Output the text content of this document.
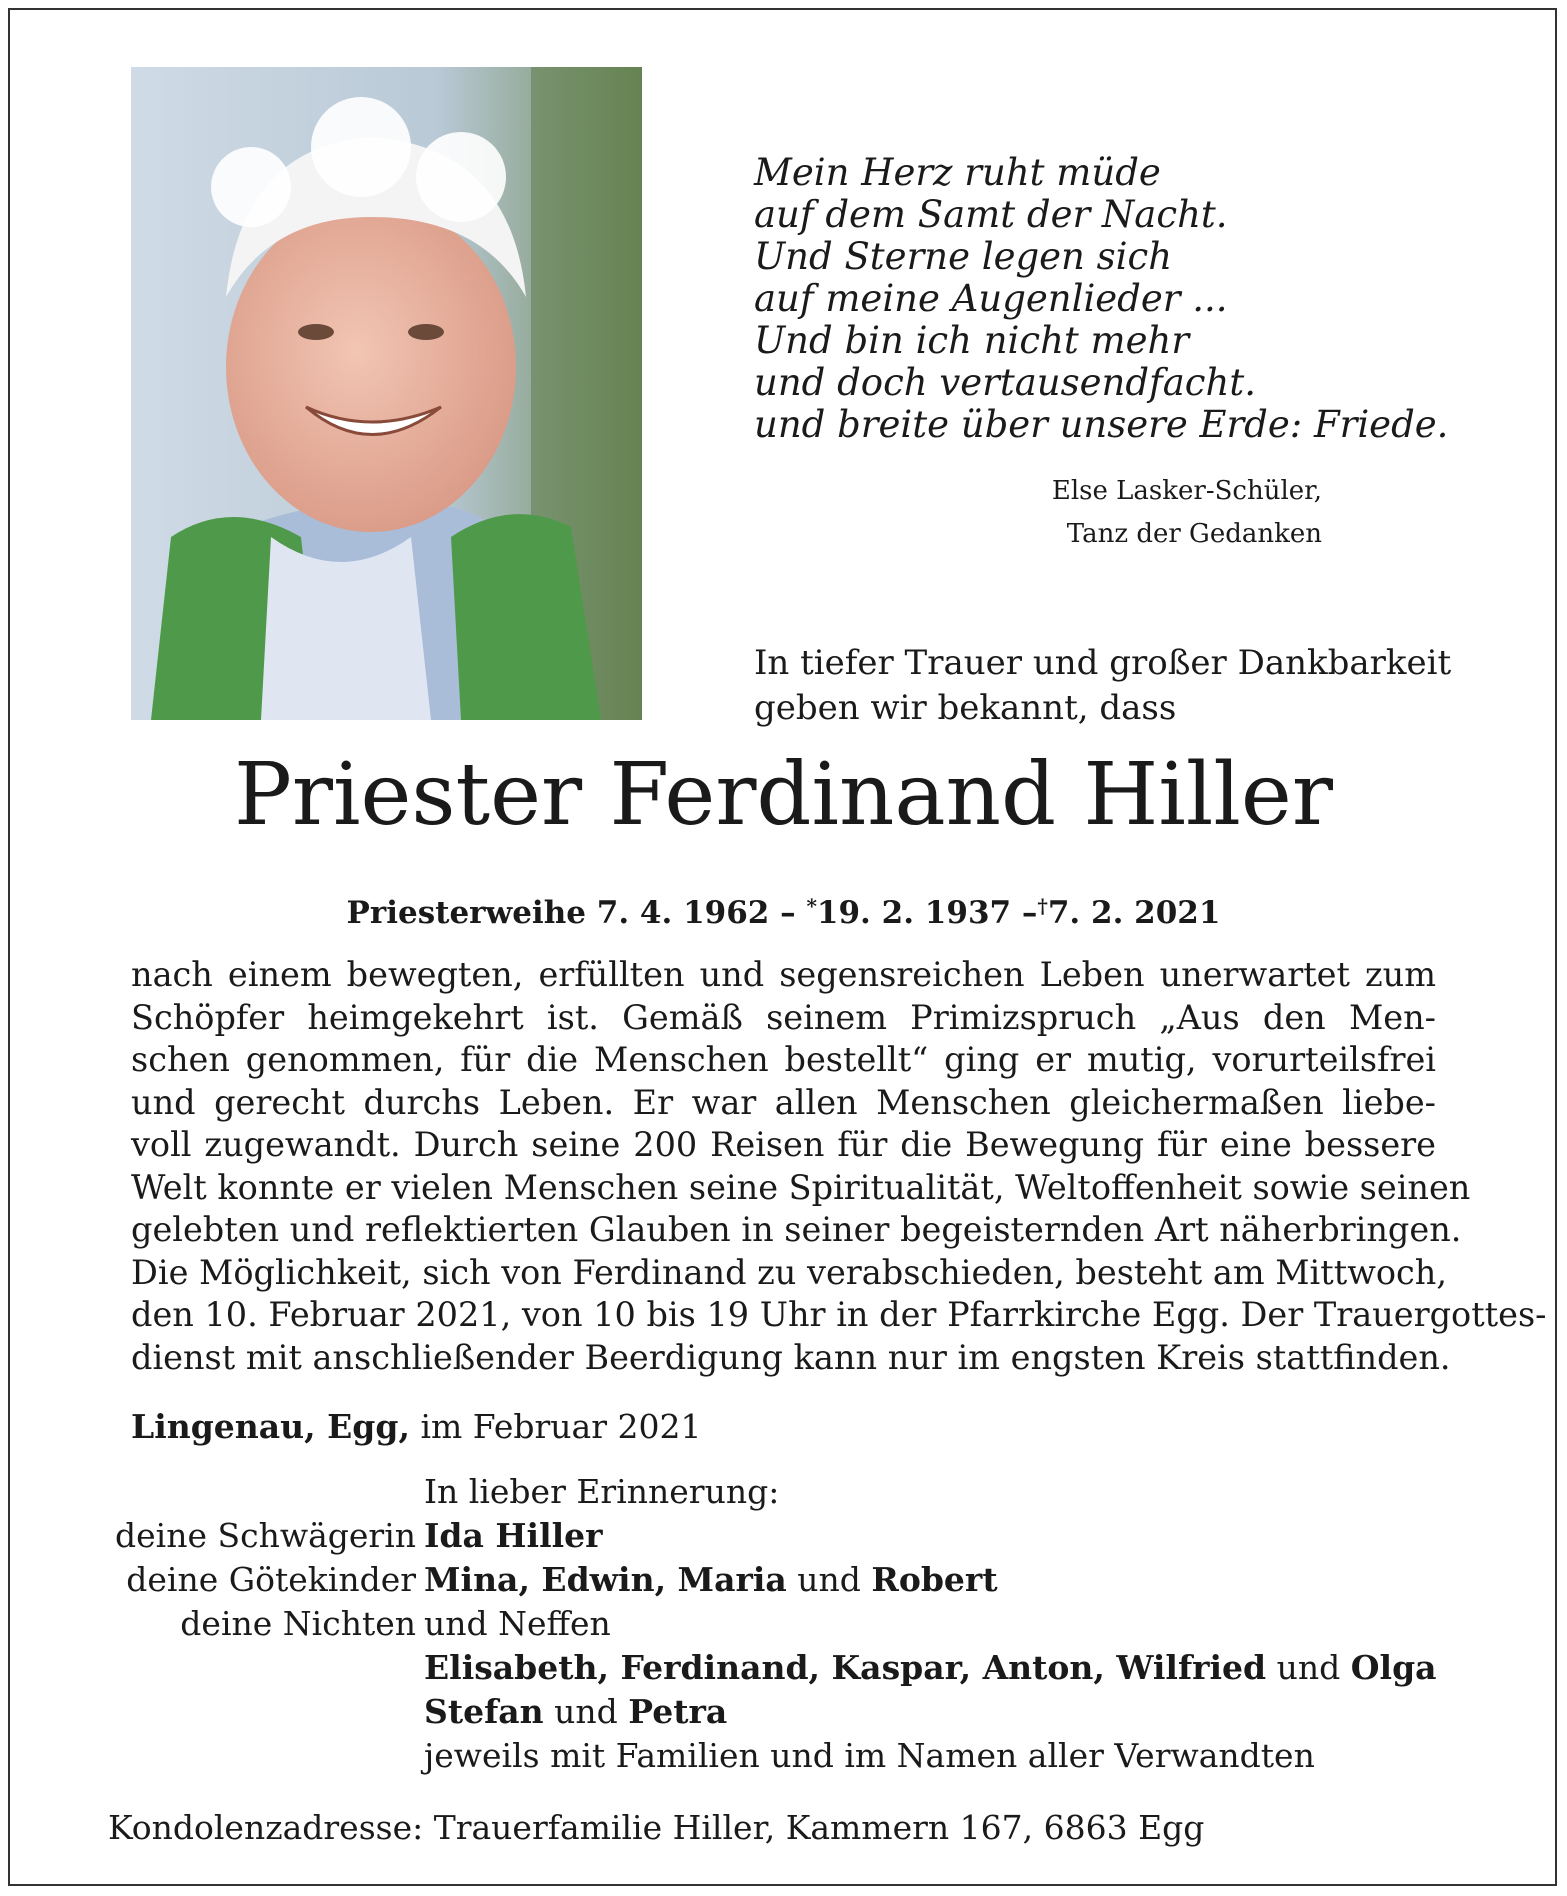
Mein Herz ruht müde
auf dem Samt der Nacht.
Und Sterne legen sich
auf meine Augenlieder ...
Und bin ich nicht mehr
und doch vertausendfacht.
und breite über unsere Erde: Friede.
Else Lasker-Schüler,
Tanz der Gedanken
In tiefer Trauer und großer Dankbarkeit
geben wir bekannt, dass
Priester Ferdinand Hiller
Priesterweihe 7. 4. 1962 – *19. 2. 1937 –†7. 2. 2021
nach einem bewegten, erfüllten und segensreichen Leben unerwartet zum
Schöpfer heimgekehrt ist. Gemäß seinem Primizspruch „Aus den Men-
schen genommen, für die Menschen bestellt“ ging er mutig, vorurteilsfrei
und gerecht durchs Leben. Er war allen Menschen gleichermaßen liebe-
voll zugewandt. Durch seine 200 Reisen für die Bewegung für eine bessere
Welt konnte er vielen Menschen seine Spiritualität, Weltoffenheit sowie seinen
gelebten und reflektierten Glauben in seiner begeisternden Art näherbringen.
Die Möglichkeit, sich von Ferdinand zu verabschieden, besteht am Mittwoch,
den 10. Februar 2021, von 10 bis 19 Uhr in der Pfarrkirche Egg. Der Trauergottes-
dienst mit anschließender Beerdigung kann nur im engsten Kreis stattfinden.
Lingenau, Egg, im Februar 2021
In lieber Erinnerung:
deine Schwägerin Ida Hiller
deine Götekinder Mina, Edwin, Maria und Robert
deine Nichten und Neffen
Elisabeth, Ferdinand, Kaspar, Anton, Wilfried und Olga
Stefan und Petra
jeweils mit Familien und im Namen aller Verwandten
Kondolenzadresse: Trauerfamilie Hiller, Kammern 167, 6863 Egg
